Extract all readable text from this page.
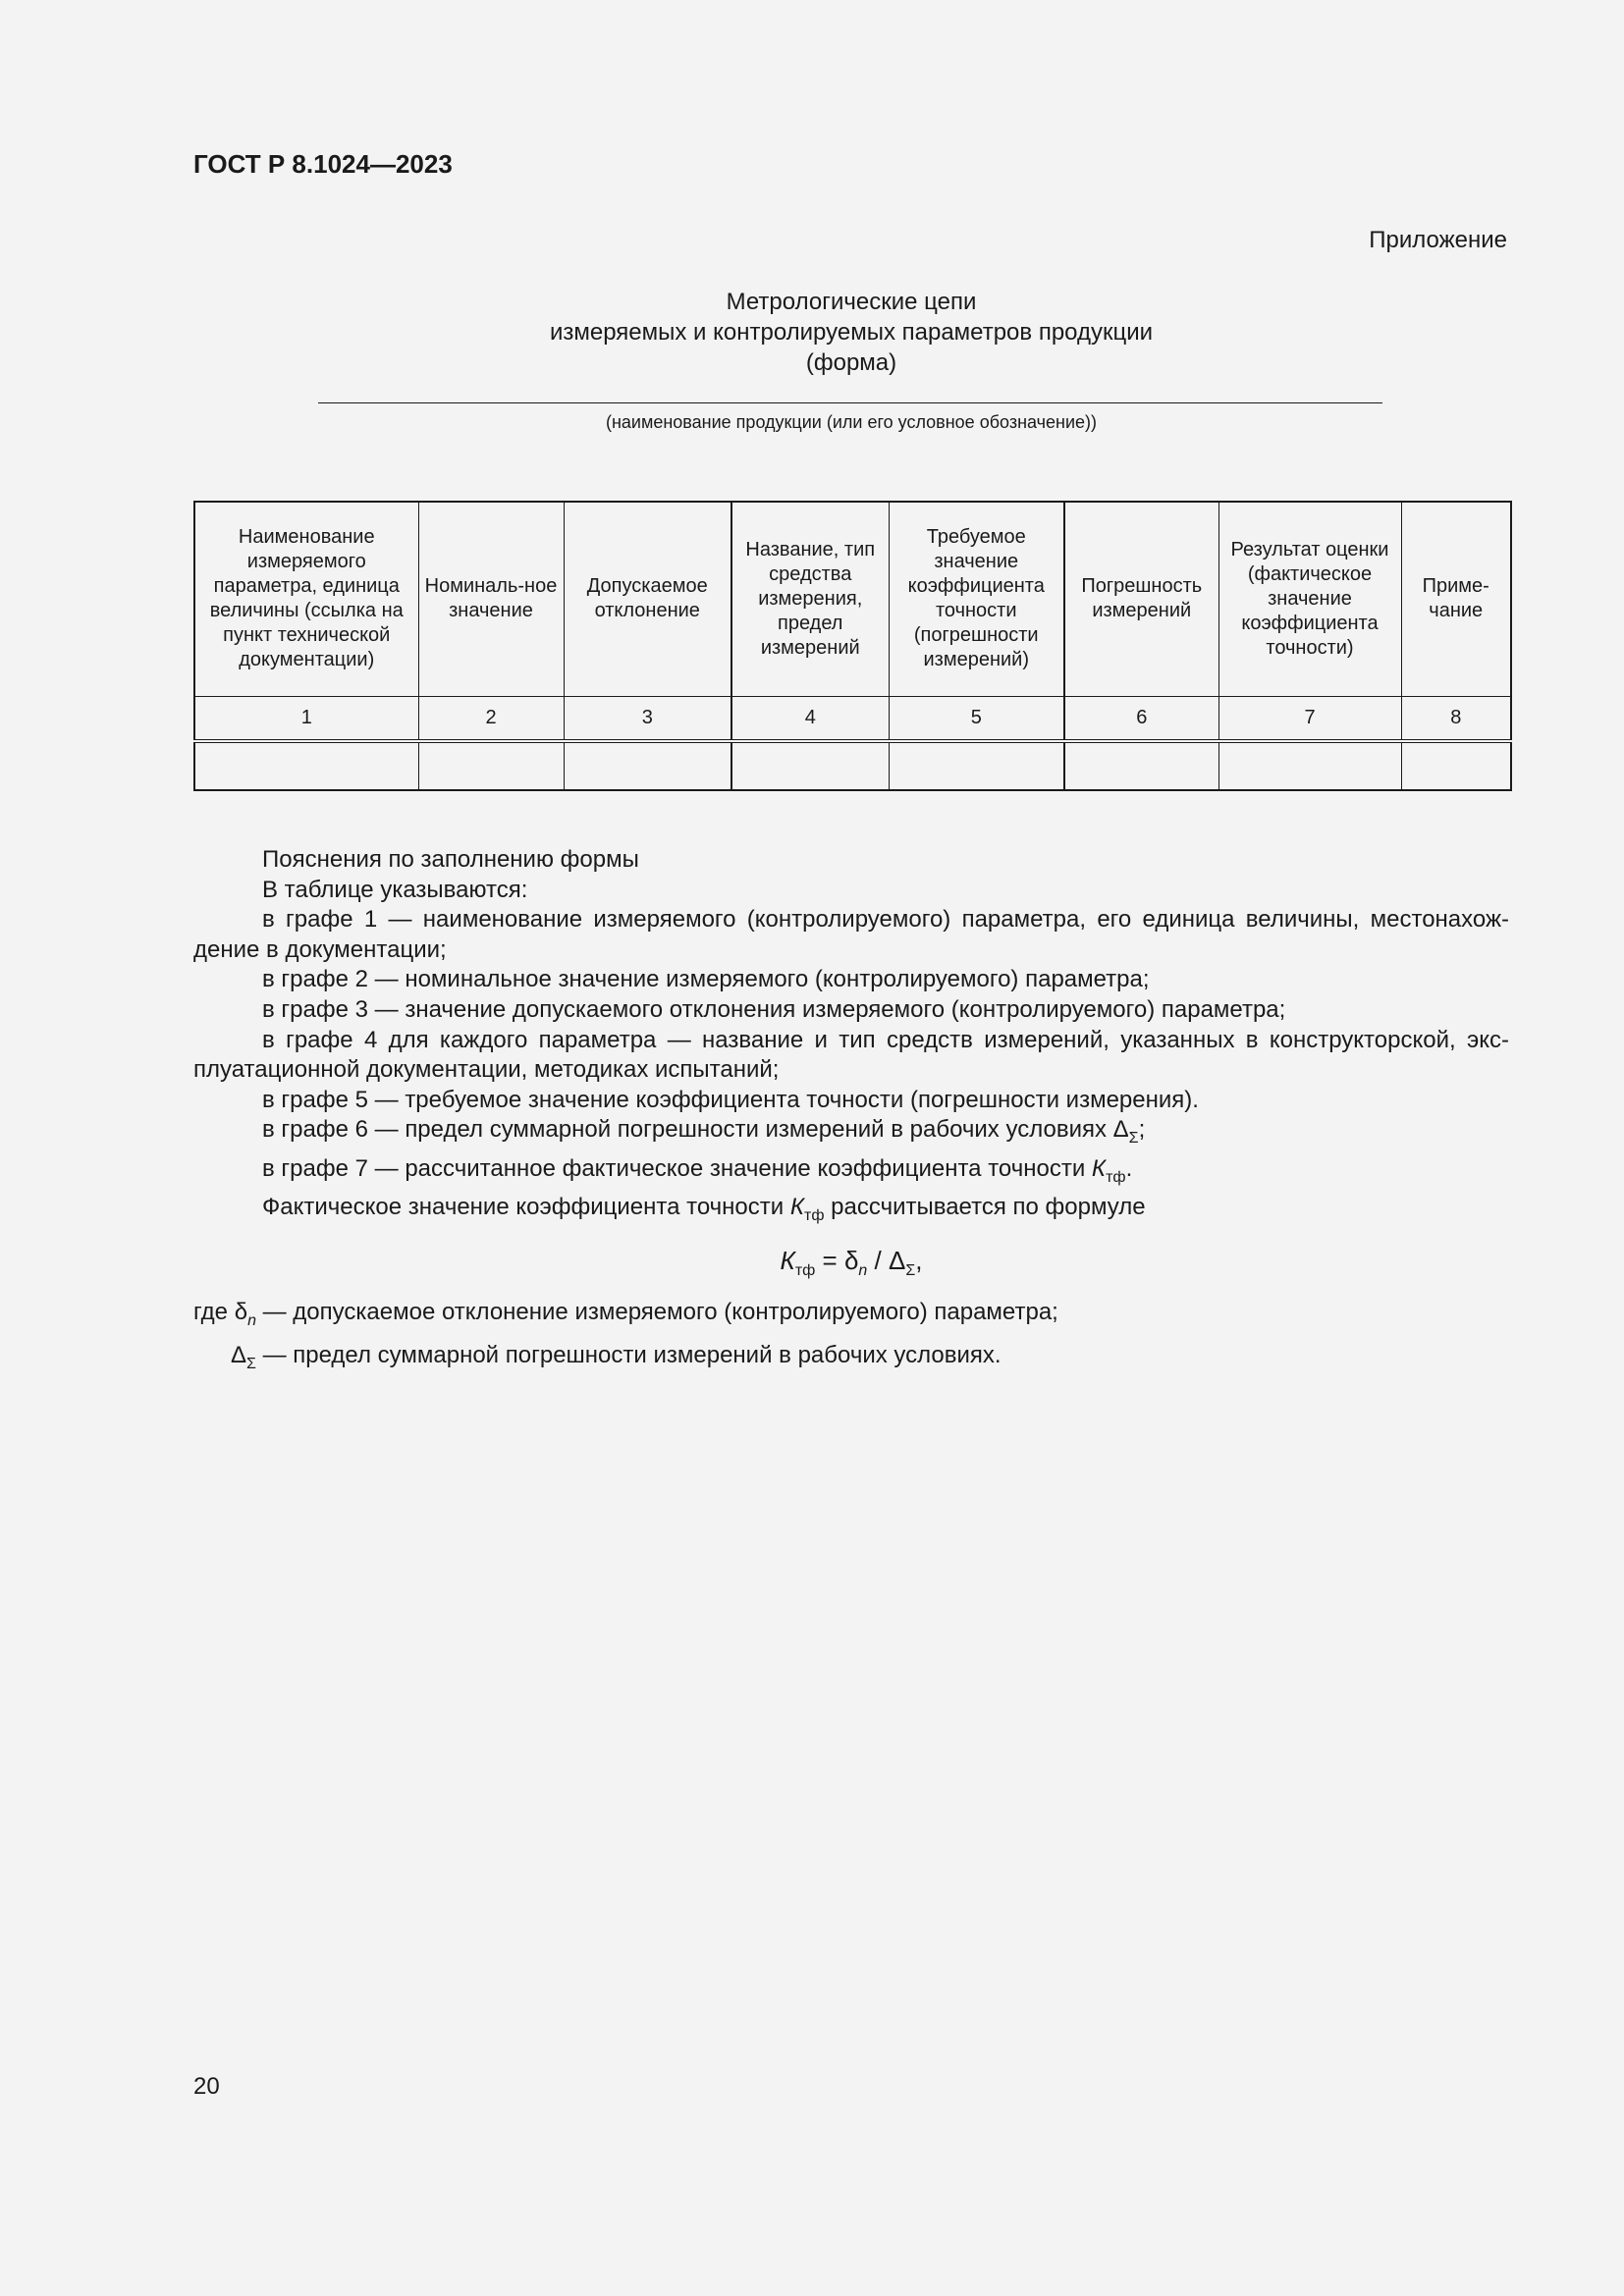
ГОСТ Р 8.1024—2023
Приложение
Метрологические цепи
измеряемых и контролируемых параметров продукции
(форма)
(наименование продукции (или его условное обозначение))
Наименование измеряемого параметра, единица величины (ссылка на пункт технической документации)	Номиналь-ное значение	Допускаемое отклонение	Название, тип средства измерения, предел измерений	Требуемое значение коэффициента точности (погрешности измерений)	Погрешность измерений	Результат оценки (фактическое значение коэффициента точности)	Приме-чание
1	2	3	4	5	6	7	8

Пояснения по заполнению формы

В таблице указываются:

в графе 1 — наименование измеряемого (контролируемого) параметра, его единица величины, местонахож-дение в документации;

в графе 2 — номинальное значение измеряемого (контролируемого) параметра;

в графе 3 — значение допускаемого отклонения измеряемого (контролируемого) параметра;

в графе 4 для каждого параметра — название и тип средств измерений, указанных в конструкторской, экс-плуатационной документации, методиках испытаний;

в графе 5 — требуемое значение коэффициента точности (погрешности измерения).

в графе 6 — предел суммарной погрешности измерений в рабочих условиях $\Delta_\Sigma$;

в графе 7 — рассчитанное фактическое значение коэффициента точности $К_{тф}$.

Фактическое значение коэффициента точности $К_{тф}$ рассчитывается по формуле

$К_{тф} = \delta_n / \Delta_\Sigma$,

где $\delta_n$ — допускаемое отклонение измеряемого (контролируемого) параметра;

$\Delta_\Sigma$ — предел суммарной погрешности измерений в рабочих условиях.

20
